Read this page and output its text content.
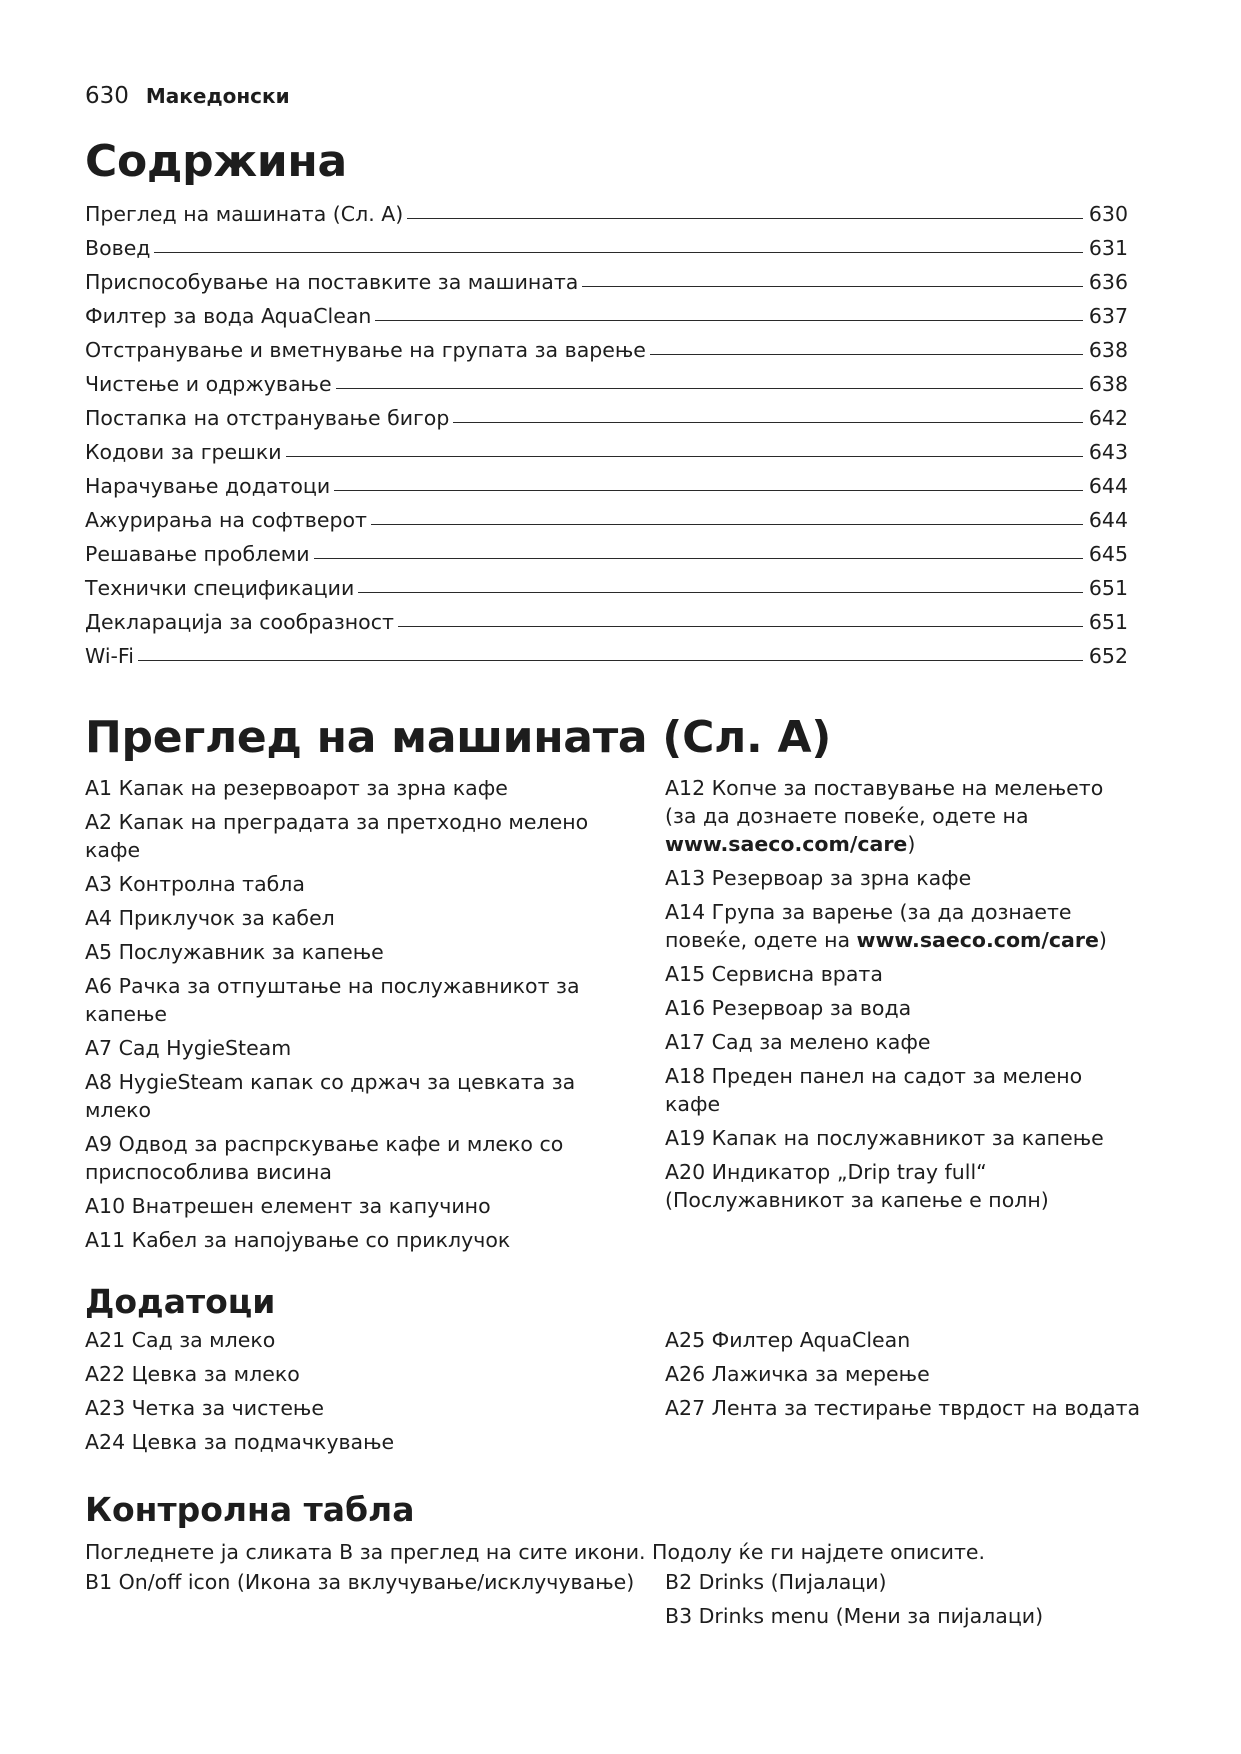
630 Македонски
Содржина
Преглед на машината (Сл. A)	630
Вовед	631
Приспособување на поставките за машината	636
Филтер за вода AquaClean	637
Отстранување и вметнување на групата за варење	638
Чистење и одржување	638
Постапка на отстранување бигор	642
Кодови за грешки	643
Нарачување додатоци	644
Ажурирања на софтверот	644
Решавање проблеми	645
Технички спецификации	651
Декларација за сообразност	651
Wi-Fi	652
Преглед на машината (Сл. A)
A1 Капак на резервоарот за зрна кафе
A2 Капак на преградата за претходно мелено кафе
A3 Контролна табла
A4 Приклучок за кабел
A5 Послужавник за капење
A6 Рачка за отпуштање на послужавникот за капење
A7 Сад HygieSteam
A8 HygieSteam капак со држач за цевката за млеко
A9 Одвод за распрскување кафе и млеко со приспособлива висина
A10 Внатрешен елемент за капучино
A11 Кабел за напојување со приклучок
A12 Копче за поставување на мелењето (за да дознаете повеќе, одете на www.saeco.com/care)
A13 Резервоар за зрна кафе
A14 Група за варење (за да дознаете повеќе, одете на www.saeco.com/care)
A15 Сервисна врата
A16 Резервоар за вода
A17 Сад за мелено кафе
A18 Преден панел на садот за мелено кафе
A19 Капак на послужавникот за капење
A20 Индикатор „Drip tray full“ (Послужавникот за капење е полн)
Додатоци
A21 Сад за млеко
A22 Цевка за млеко
A23 Четка за чистење
A24 Цевка за подмачкување
A25 Филтер AquaClean
A26 Лажичка за мерење
A27 Лента за тестирање тврдост на водата
Контролна табла
Погледнете ја сликата B за преглед на сите икони. Подолу ќе ги најдете описите.
B1 On/off icon (Икона за вклучување/исклучување)	B2 Drinks (Пијалаци)
B3 Drinks menu (Мени за пијалаци)
